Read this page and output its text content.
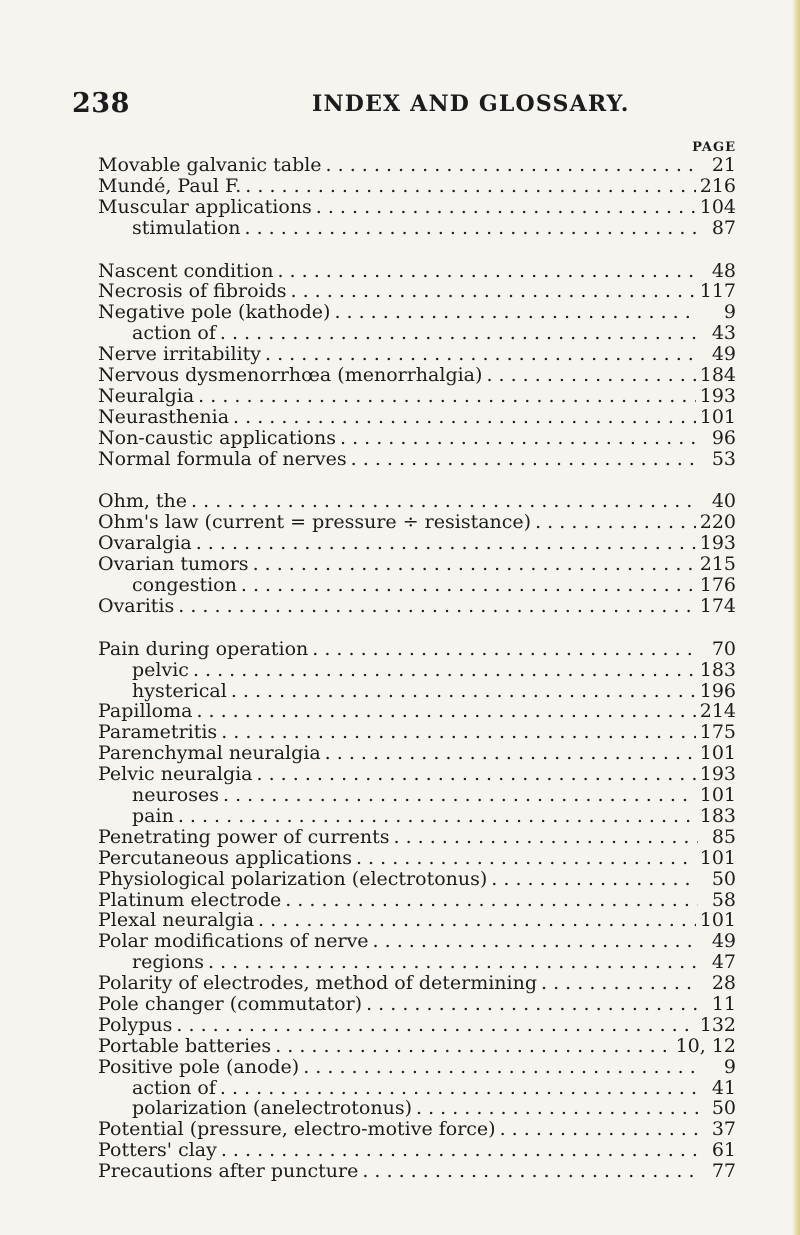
238	INDEX AND GLOSSARY.
PAGE
Movable galvanic table . . .	21
Mundé, Paul F. . . .	216
Muscular applications . . .	104
stimulation . . .	87
Nascent condition . . .	48
Necrosis of fibroids . . .	117
Negative pole (kathode) . . .	9
action of . . .	43
Nerve irritability . . .	49
Nervous dysmenorrhœa (menorrhalgia) . . .	184
Neuralgia . . .	193
Neurasthenia . . .	101
Non-caustic applications . . .	96
Normal formula of nerves . . .	53
Ohm, the . . .	40
Ohm's law (current = pressure ÷ resistance) . . .	220
Ovaralgia . . .	193
Ovarian tumors . . .	215
congestion . . .	176
Ovaritis . . .	174
Pain during operation . . .	70
pelvic . . .	183
hysterical . . .	196
Papilloma . . .	214
Parametritis . . .	175
Parenchymal neuralgia . . .	101
Pelvic neuralgia . . .	193
neuroses . . .	101
pain . . .	183
Penetrating power of currents . . .	85
Percutaneous applications . . .	101
Physiological polarization (electrotonus) . . .	50
Platinum electrode . . .	58
Plexal neuralgia . . .	101
Polar modifications of nerve . . .	49
regions . . .	47
Polarity of electrodes, method of determining . . .	28
Pole changer (commutator) . . .	11
Polypus . . .	132
Portable batteries . . .	10, 12
Positive pole (anode) . . .	9
action of . . .	41
polarization (anelectrotonus) . . .	50
Potential (pressure, electro-motive force) . . .	37
Potters' clay . . .	61
Precautions after puncture . . .	77
